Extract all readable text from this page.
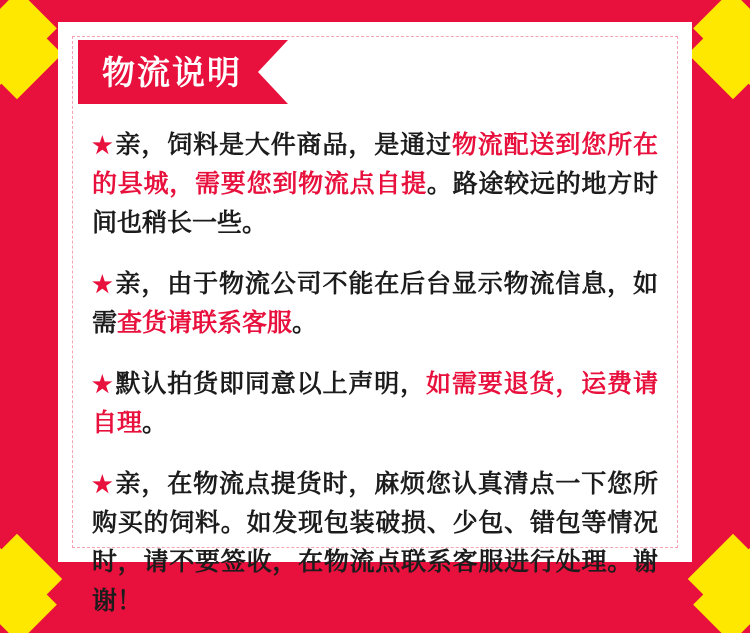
物流说明

★亲，饲料是大件商品，是通过物流配送到您所在的县城，需要您到物流点自提。路途较远的地方时间也稍长一些。

★亲，由于物流公司不能在后台显示物流信息，如需查货请联系客服。

★默认拍货即同意以上声明，如需要退货，运费请自理。

★亲，在物流点提货时，麻烦您认真清点一下您所购买的饲料。如发现包装破损、少包、错包等情况时，请不要签收，在物流点联系客服进行处理。谢谢！
